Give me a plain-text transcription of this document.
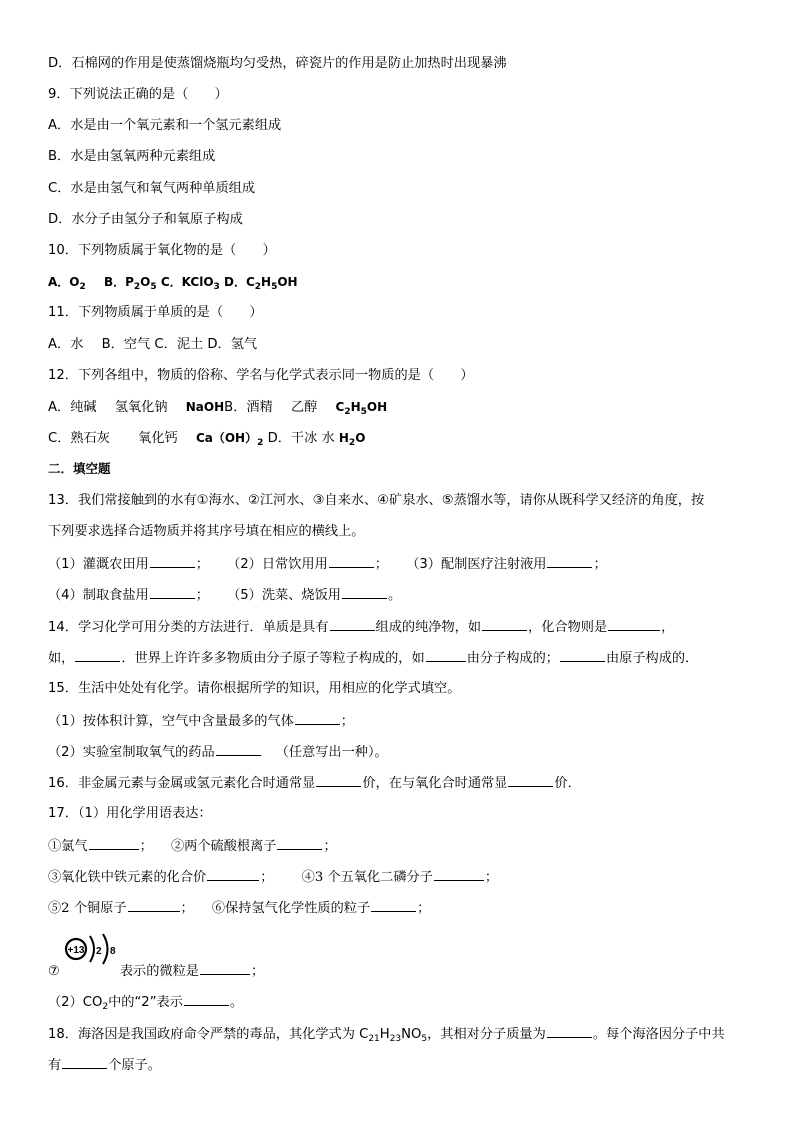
D．石棉网的作用是使蒸馏烧瓶均匀受热，碎瓷片的作用是防止加热时出现暴沸
9．下列说法正确的是（　　）
A．水是由一个氧元素和一个氢元素组成
B．水是由氢氧两种元素组成
C．水是由氢气和氧气两种单质组成
D．水分子由氢分子和氧原子构成
10．下列物质属于氧化物的是（　　）
A．$O_2$ B．$P_2O_5$ C．KClO$_3$ D．$C_2H_5OH$
11．下列物质属于单质的是（　　）
A．水 B．空气 C．泥土 D．氢气
12．下列各组中，物质的俗称、学名与化学式表示同一物质的是（　　）
A．纯碱 氢氧化钠 NaOHB．酒精 乙醇 $C_2H_5OH$
C．熟石灰 氧化钙 $Ca(OH)_2$ D．干冰 水 $H_2O$
二．填空题
13．我们常接触到的水有①海水、②江河水、③自来水、④矿泉水、⑤蒸馏水等，请你从既科学又经济的角度，按
下列要求选择合适物质并将其序号填在相应的横线上。
（1）灌溉农田用	； （2）日常饮用用	； （3）配制医疗注射液用	；
（4）制取食盐用	； （5）洗菜、烧饭用	。
14．学习化学可用分类的方法进行．单质是具有	组成的纯净物，如	，化合物则是	，
如，	．世界上许许多多物质由分子原子等粒子构成的，如	由分子构成的；	由原子构成的．
15．生活中处处有化学。请你根据所学的知识，用相应的化学式填空。
（1）按体积计算，空气中含量最多的气体	；
（2）实验室制取氧气的药品	（任意写出一种）。
16．非金属元素与金属或氢元素化合时通常显	价，在与氧化合时通常显	价．
17．（1）用化学用语表达：
①氯气	； ②两个硫酸根离子	；
③氧化铁中铁元素的化合价	； ④3 个五氧化二磷分子	；
⑤2 个铜原子	； ⑥保持氢气化学性质的粒子	；
+13 2 8
⑦	表示的微粒是	；
$(2)CO_2$中的“2”表示	。
18．海洛因是我国政府命令严禁的毒品，其化学式为 $C_{21}H_{23}NO_5$，其相对分子质量为	。每个海洛因分子中共
有	个原子。
